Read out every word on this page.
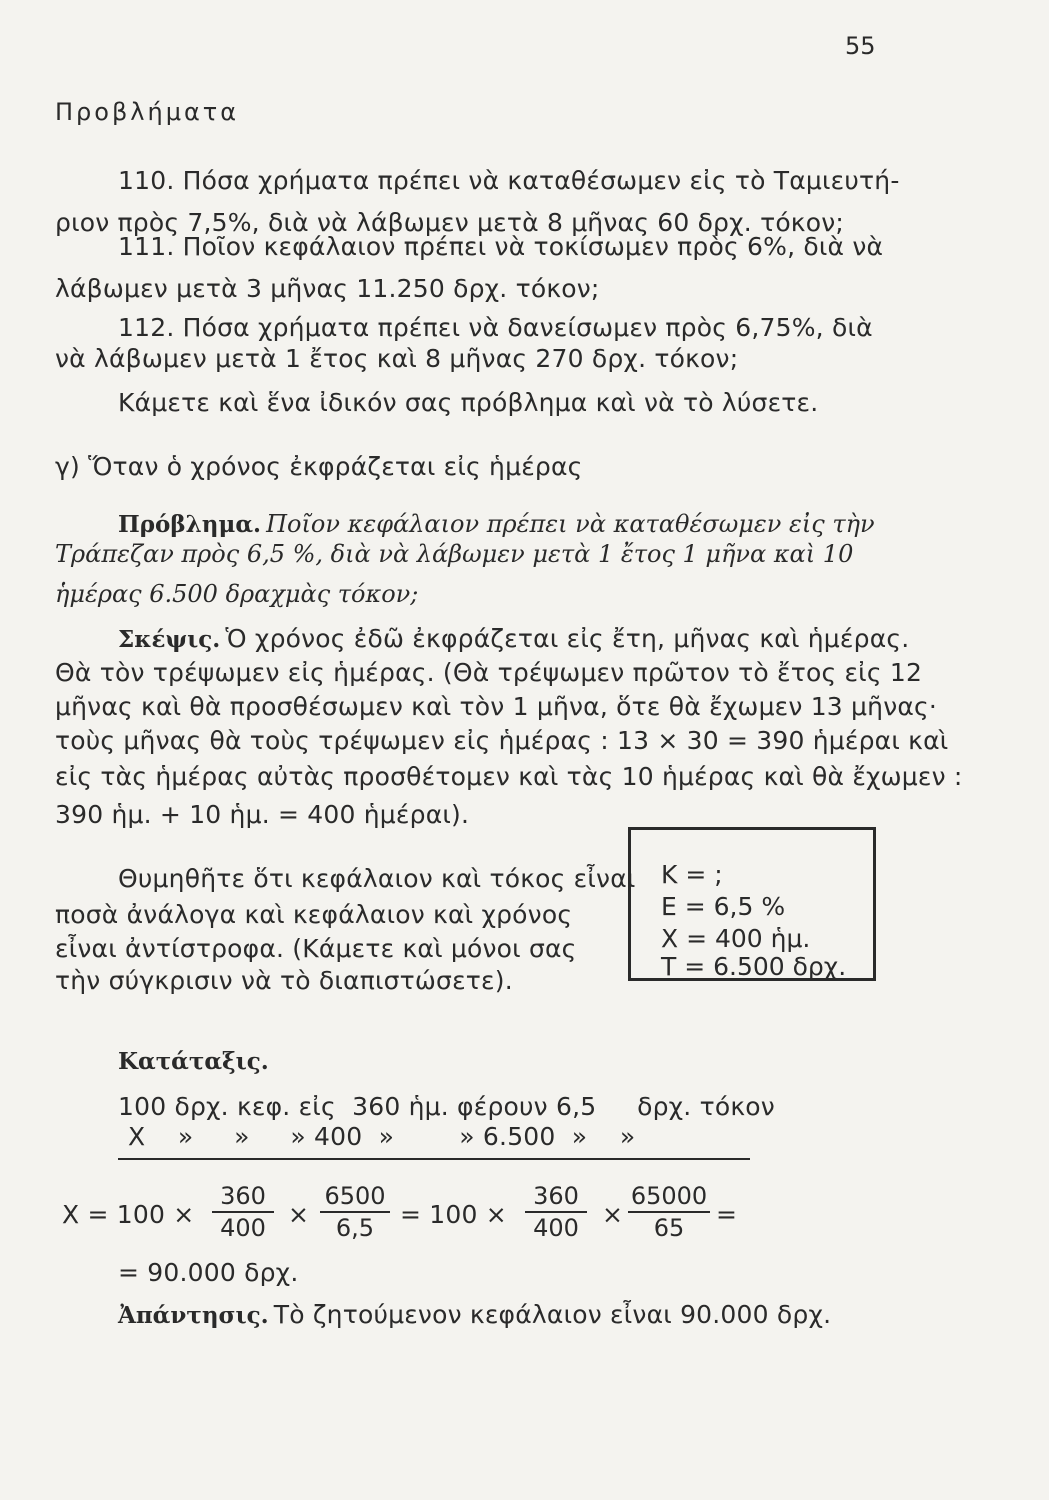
55
Προβλήματα
110. Πόσα χρήματα πρέπει νὰ καταθέσωμεν εἰς τὸ Ταμιευτή-
ριον πρὸς 7,5%, διὰ νὰ λάβωμεν μετὰ 8 μῆνας 60 δρχ. τόκον;
111. Ποῖον κεφάλαιον πρέπει νὰ τοκίσωμεν πρὸς 6%, διὰ νὰ
λάβωμεν μετὰ 3 μῆνας 11.250 δρχ. τόκον;
112. Πόσα χρήματα πρέπει νὰ δανείσωμεν πρὸς 6,75%, διὰ
νὰ λάβωμεν μετὰ 1 ἔτος καὶ 8 μῆνας 270 δρχ. τόκον;
Κάμετε καὶ ἕνα ἰδικόν σας πρόβλημα καὶ νὰ τὸ λύσετε.
γ) Ὅταν ὁ χρόνος ἐκφράζεται εἰς ἡμέρας
Πρόβλημα. Ποῖον κεφάλαιον πρέπει νὰ καταθέσωμεν εἰς τὴν
Τράπεζαν πρὸς 6,5 %, διὰ νὰ λάβωμεν μετὰ 1 ἔτος 1 μῆνα καὶ 10
ἡμέρας 6.500 δραχμὰς τόκον;
Σκέψις. Ὁ χρόνος ἐδῶ ἐκφράζεται εἰς ἔτη, μῆνας καὶ ἡμέρας.
Θὰ τὸν τρέψωμεν εἰς ἡμέρας. (Θὰ τρέψωμεν πρῶτον τὸ ἔτος εἰς 12
μῆνας καὶ θὰ προσθέσωμεν καὶ τὸν 1 μῆνα, ὅτε θὰ ἔχωμεν 13 μῆνας·
τοὺς μῆνας θὰ τοὺς τρέψωμεν εἰς ἡμέρας : 13 × 30 = 390 ἡμέραι καὶ
εἰς τὰς ἡμέρας αὐτὰς προσθέτομεν καὶ τὰς 10 ἡμέρας καὶ θὰ ἔχωμεν :
390 ἡμ. + 10 ἡμ. = 400 ἡμέραι).
Θυμηθῆτε ὅτι κεφάλαιον καὶ τόκος εἶναι
ποσὰ ἀνάλογα καὶ κεφάλαιον καὶ χρόνος
εἶναι ἀντίστροφα. (Κάμετε καὶ μόνοι σας
τὴν σύγκρισιν νὰ τὸ διαπιστώσετε).
Κ = ;
Ε = 6,5 %
Χ = 400 ἡμ.
Τ = 6.500 δρχ.
Κατάταξις.
100 δρχ. κεφ. εἰς  360 ἡμ. φέρουν 6,5     δρχ. τόκον
Χ    »     »     » 400  »        » 6.500  »    »
Χ = 100 ×
360
400 ×
6500
6,5	= 100 ×
360
400 ×
65000
65	=
= 90.000 δρχ.
Ἀπάντησις. Τὸ ζητούμενον κεφάλαιον εἶναι 90.000 δρχ.
